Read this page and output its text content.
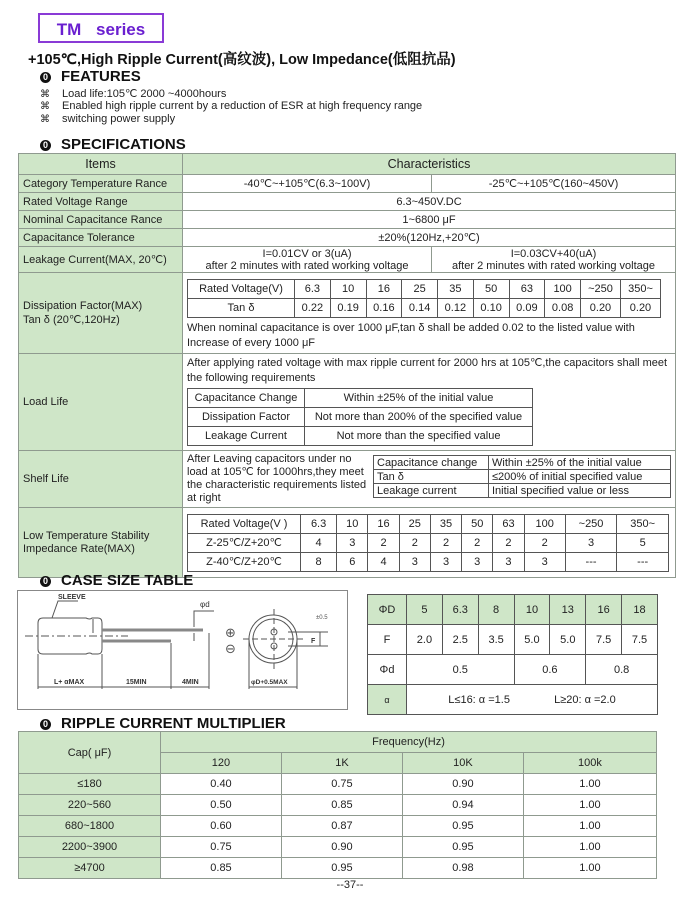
TM series
+105℃,High Ripple Current(高纹波), Low Impedance(低阻抗品)
0 FEATURES
⌘ Load life:105℃ 2000 ~4000hours
⌘ Enabled high ripple current by a reduction of ESR at high frequency range
⌘ switching power supply
0 SPECIFICATIONS
Items	Characteristics
Category Temperature Rance	-40℃~+105℃(6.3~100V)	-25℃~+105℃(160~450V)
Rated Voltage Range	6.3~450V.DC
Nominal Capacitance Rance	1~6800 μF
Capacitance Tolerance	±20%(120Hz,+20℃)
Leakage Current(MAX, 20℃)	
I=0.01CV or 3(uA)
after 2 minutes with rated working voltage

I=0.03CV+40(uA)
after 2 minutes with rated working voltage

Dissipation Factor(MAX)
Tan δ (20℃,120Hz)

Rated Voltage(V)	6.3	10	16	25	35	50	63	100	~250	350~
Tan δ	0.22	0.19	0.16	0.14	0.12	0.10	0.09	0.08	0.20	0.20
When nominal capacitance is over 1000 μF,tan δ shall be added 0.02 to the listed value with Increase of every 1000 μF

Load Life	
After applying rated voltage with max ripple current for 2000 hrs at 105℃,the capacitors shall meet the following requirements
Capacitance Change	Within ±25% of the initial value
Dissipation Factor	Not more than 200% of the specified value
Leakage Current	Not more than the specified value

Shelf Life	
After Leaving capacitors under no load at 105℃ for 1000hrs,they meet the characteristic requirements listed at right
Capacitance change	Within ±25% of the initial value
Tan δ	≤200% of initial specified value
Leakage current	Initial specified value or less

Low Temperature Stability
Impedance Rate(MAX)

Rated Voltage(V )	6.3	10	16	25	35	50	63	100	~250	350~
Z-25℃/Z+20℃	4	3	2	2	2	2	2	2	3	5
Z-40℃/Z+20℃	8	6	4	3	3	3	3	3	---	---
0 CASE SIZE TABLE
SLEEVE
φd
L+ αMAX	15MIN	4MIN	φD+0.5MAX
F
±0.5
⊕
⊖
ΦD	5	6.3	8	10	13	16	18
F	2.0	2.5	3.5	5.0	5.0	7.5	7.5
Φd	0.5			0.6		0.8	
α	L≤16: α =1.5 L≥20: α =2.0						
0 RIPPLE CURRENT MULTIPLIER
Cap( μF)	Frequency(Hz)			
	120	1K	10K	100k
≤180	0.40	0.75	0.90	1.00
220~560	0.50	0.85	0.94	1.00
680~1800	0.60	0.87	0.95	1.00
2200~3900	0.75	0.90	0.95	1.00
≥4700	0.85	0.95	0.98	1.00
--37--
